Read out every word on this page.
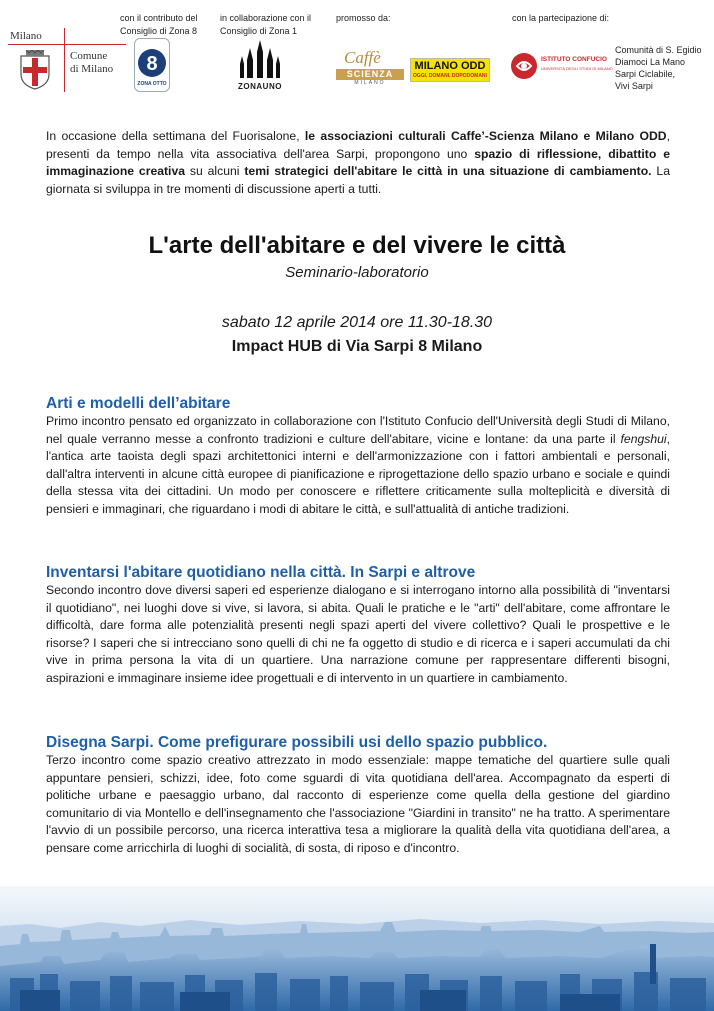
con il contributo del
Consiglio di Zona 8
in collaborazione con il
Consiglio di Zona 1
promosso da:	con la partecipazione di:
Milano
Comune
di Milano 8
ZONA OTTO	ZONAUNO
Caffè
SCIENZA
MILANO
MILANO ODD
OGGI, DOMANI, DOPODOMANI
ISTITUTO CONFUCIO
UNIVERSITÀ DEGLI STUDI DI MILANO
Comunità di S. Egidio
Diamoci La Mano
Sarpi Ciclabile,
Vivi Sarpi
In occasione della settimana del Fuorisalone, le associazioni culturali Caffe’-Scienza Milano e Milano ODD, presenti da tempo nella vita associativa dell'area Sarpi, propongono uno spazio di riflessione, dibattito e immaginazione creativa su alcuni temi strategici dell'abitare le città in una situazione di cambiamento. La giornata si sviluppa in tre momenti di discussione aperti a tutti.
L'arte dell'abitare e del vivere le città
Seminario-laboratorio
sabato 12 aprile 2014 ore 11.30-18.30
Impact HUB di Via Sarpi 8 Milano
Arti e modelli dell’abitare

Primo incontro pensato ed organizzato in collaborazione con l'Istituto Confucio dell'Università degli Studi di Milano, nel quale verranno messe a confronto tradizioni e culture dell'abitare, vicine e lontane: da una parte il fengshui, l'antica arte taoista degli spazi architettonici interni e dell'armonizzazione con i fattori ambientali e personali, dall'altra interventi in alcune città europee di pianificazione e riprogettazione dello spazio urbano e sociale e quindi della stessa vita dei cittadini. Un modo per conoscere e riflettere criticamente sulla molteplicità e diversità di pensieri e immaginari, che riguardano i modi di abitare le città, e sull'attualità di antiche tradizioni.

Inventarsi l'abitare quotidiano nella città. In Sarpi e altrove

Secondo incontro dove diversi saperi ed esperienze dialogano e si interrogano intorno alla possibilità di "inventarsi il quotidiano", nei luoghi dove si vive, si lavora, si abita. Quali le pratiche e le "arti" dell'abitare, come affrontare le difficoltà, dare forma alle potenzialità presenti negli spazi aperti del vivere collettivo? Quali le prospettive e le risorse? I saperi che si intrecciano sono quelli di chi ne fa oggetto di studio e di ricerca e i saperi accumulati da chi vive in prima persona la vita di un quartiere. Una narrazione comune per rappresentare differenti bisogni, aspirazioni e immaginare insieme idee progettuali e di intervento in un quartiere in cambiamento.

Disegna Sarpi. Come prefigurare possibili usi dello spazio pubblico.

Terzo incontro come spazio creativo attrezzato in modo essenziale: mappe tematiche del quartiere sulle quali appuntare pensieri, schizzi, idee, foto come sguardi di vita quotidiana dell'area. Accompagnato da esperti di politiche urbane e paesaggio urbano, dal racconto di esperienze come quella della gestione del giardino comunitario di via Montello e dell'insegnamento che l'associazione "Giardini in transito" ne ha tratto. A sperimentare l'avvio di un possibile percorso, una ricerca interattiva tesa a migliorare la qualità della vita quotidiana dell'area, a pensare come arricchirla di luoghi di socialità, di sosta, di riposo e d'incontro.
